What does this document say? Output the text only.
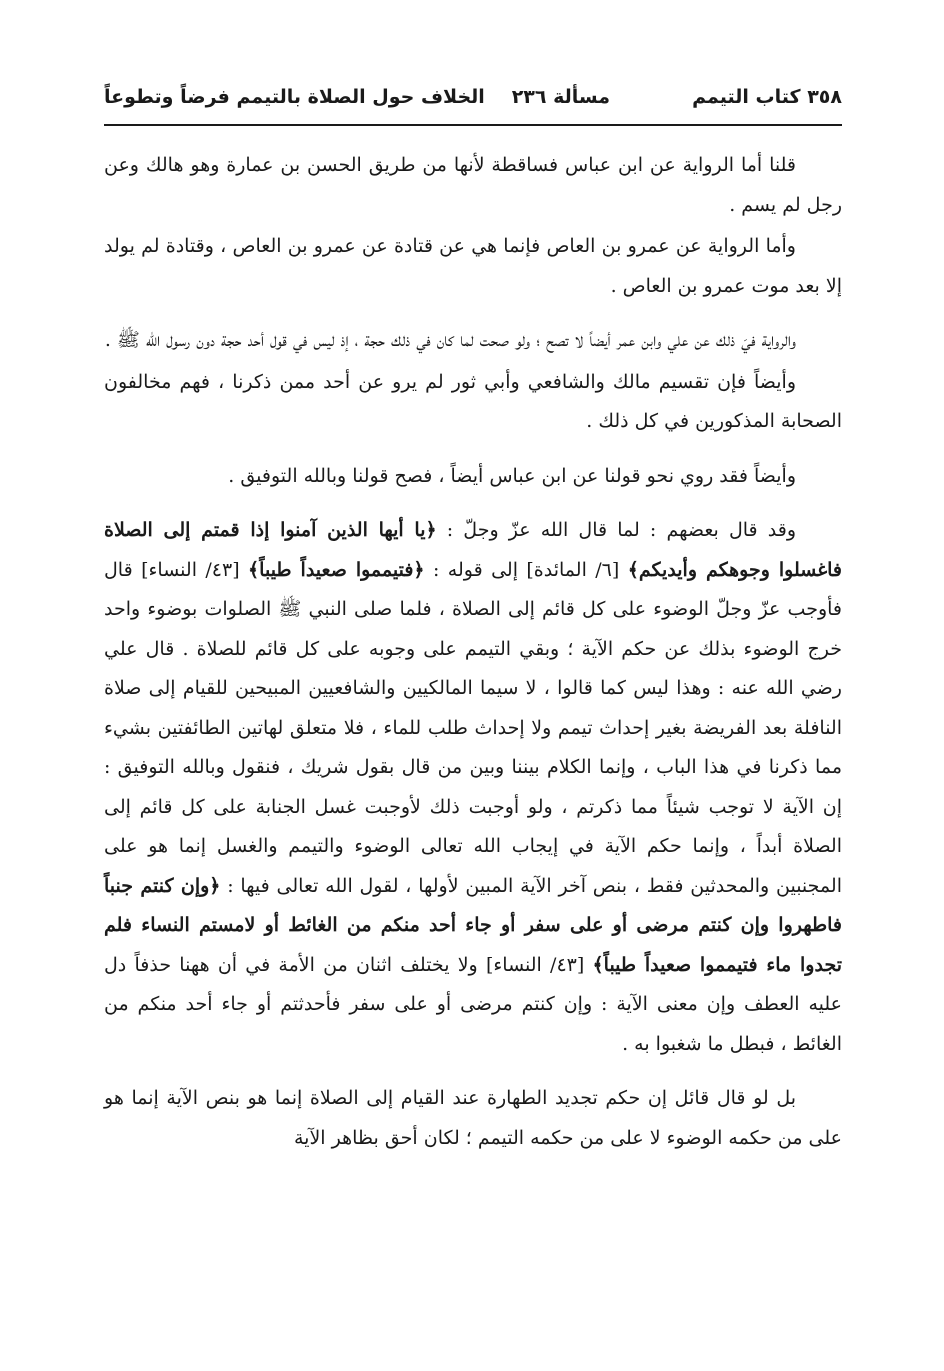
٣٥٨ كتاب التيمم
مسألة ٢٣٦
الخلاف حول الصلاة بالتيمم فرضاً وتطوعاً

قلنا أما الرواية عن ابن عباس فساقطة لأنها من طريق الحسن بن عمارة وهو هالك وعن رجل لم يسم .

وأما الرواية عن عمرو بن العاص فإنما هي عن قتادة عن عمرو بن العاص ، وقتادة لم يولد إلا بعد موت عمرو بن العاص .

والرواية فيَ ذلك عن علي وابن عمر أيضاً لا تصح ؛ ولو صحت لما كان في ذلك حجة ، إذ ليس في قول أحد حجة دون رسول الله ﷺ .

وأيضاً فإن تقسيم مالك والشافعي وأبي ثور لم يرو عن أحد ممن ذكرنا ، فهم مخالفون الصحابة المذكورين في كل ذلك .

وأيضاً فقد روي نحو قولنا عن ابن عباس أيضاً ، فصح قولنا وبالله التوفيق .

وقد قال بعضهم : لما قال الله عزّ وجلّ : ﴿يا أيها الذين آمنوا إذا قمتم إلى الصلاة فاغسلوا وجوهكم وأيديكم﴾ [٦/ المائدة] إلى قوله : ﴿فتيمموا صعيداً طيباً﴾ [٤٣/ النساء] قال فأوجب عزّ وجلّ الوضوء على كل قائم إلى الصلاة ، فلما صلى النبي ﷺ الصلوات بوضوء واحد خرج الوضوء بذلك عن حكم الآية ؛ وبقي التيمم على وجوبه على كل قائم للصلاة . قال علي رضي الله عنه : وهذا ليس كما قالوا ، لا سيما المالكيين والشافعيين المبيحين للقيام إلى صلاة النافلة بعد الفريضة بغير إحداث تيمم ولا إحداث طلب للماء ، فلا متعلق لهاتين الطائفتين بشيء مما ذكرنا في هذا الباب ، وإنما الكلام بيننا وبين من قال بقول شريك ، فنقول وبالله التوفيق : إن الآية لا توجب شيئاً مما ذكرتم ، ولو أوجبت ذلك لأوجبت غسل الجنابة على كل قائم إلى الصلاة أبداً ، وإنما حكم الآية في إيجاب الله تعالى الوضوء والتيمم والغسل إنما هو على المجنبين والمحدثين فقط ، بنص آخر الآية المبين لأولها ، لقول الله تعالى فيها : ﴿وإن كنتم جنباً فاطهروا وإن كنتم مرضى أو على سفر أو جاء أحد منكم من الغائط أو لامستم النساء فلم تجدوا ماء فتيمموا صعيداً طيباً﴾ [٤٣/ النساء] ولا يختلف اثنان من الأمة في أن ههنا حذفاً دل عليه العطف وإن معنى الآية : وإن كنتم مرضى أو على سفر فأحدثتم أو جاء أحد منكم من الغائط ، فبطل ما شغبوا به .

بل لو قال قائل إن حكم تجديد الطهارة عند القيام إلى الصلاة إنما هو بنص الآية إنما هو على من حكمه الوضوء لا على من حكمه التيمم ؛ لكان أحق بظاهر الآية
